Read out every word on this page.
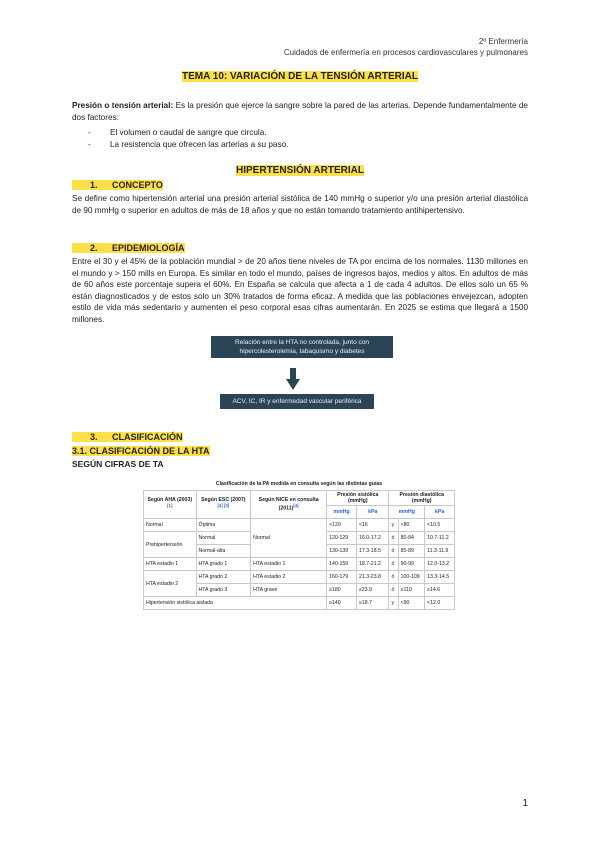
2º Enfermería
Cuidados de enfermería en procesos cardiovasculares y pulmonares
TEMA 10: VARIACIÓN DE LA TENSIÓN ARTERIAL
Presión o tensión arterial: Es la presión que ejerce la sangre sobre la pared de las arterias. Depende fundamentalmente de dos factores:
- El volumen o caudal de sangre que circula.
- La resistencia que ofrecen las arterias a su paso.
HIPERTENSIÓN ARTERIAL
1. CONCEPTO
Se define como hipertensión arterial una presión arterial sistólica de 140 mmHg o superior y/o una presión arterial diastólica de 90 mmHg o superior en adultos de más de 18 años y que no están tomando tratamiento antihipertensivo.
2. EPIDEMIOLOGÍA
Entre el 30 y el 45% de la población mundial > de 20 años tiene niveles de TA por encima de los normales. 1130 millones en el mundo y > 150 mills en Europa. Es similar en todo el mundo, países de ingresos bajos, medios y altos. En adultos de más de 60 años este porcentaje supera el 60%. En España se calcula que afecta a 1 de cada 4 adultos. De ellos solo un 65 % están diagnosticados y de estos solo un 30% tratados de forma eficaz. A medida que las poblaciones envejezcan, adopten estilo de vida más sedentario y aumenten el peso corporal esas cifras aumentarán. En 2025 se estima que llegará a 1500 millones.
Relación entre la HTA no controlada, junto con hipercolesterolemia, tabaquismo y diabetes
ACV, IC, IR y enfermedad vascular periférica
3. CLASIFICACIÓN
3.1. CLASIFICACIÓN DE LA HTA
SEGÚN CIFRAS DE TA
Clasificación de la PA medida en consulta según las distintas guías							
Según AHA (2003)[1]	Según ESC (2007)[2] [3]	Según NICE en consulta (2011)[4]	Presión sistólica (mmHg)		Presión diastólica (mmHg)		
			mmHg	kPa	mmHg		kPa
Normal	Óptima	Normal	<120	<16	y	<80	<10.5
Prehipertensión	Normal		120-129	16.0-17.2	ó	80-84	10.7-11.2
	Normal-alta		130-139	17.3-18.5	ó	85-89	11.3-11.9
HTA estadio 1	HTA grado 1	HTA estadio 1	140-159	18.7-21.2	ó	90-99	12.0-13.2
HTA estadio 2	HTA grado 2	HTA estadio 2	160-179	21.3-23.8	ó	100-109	13.3-14.5
	HTA grado 3	HTA grave	≥180	≥23.9	ó	≥110	≥14.6
Hipertensión sistólica aislada			≥140	≥18.7	y	<90	<12.0
1
